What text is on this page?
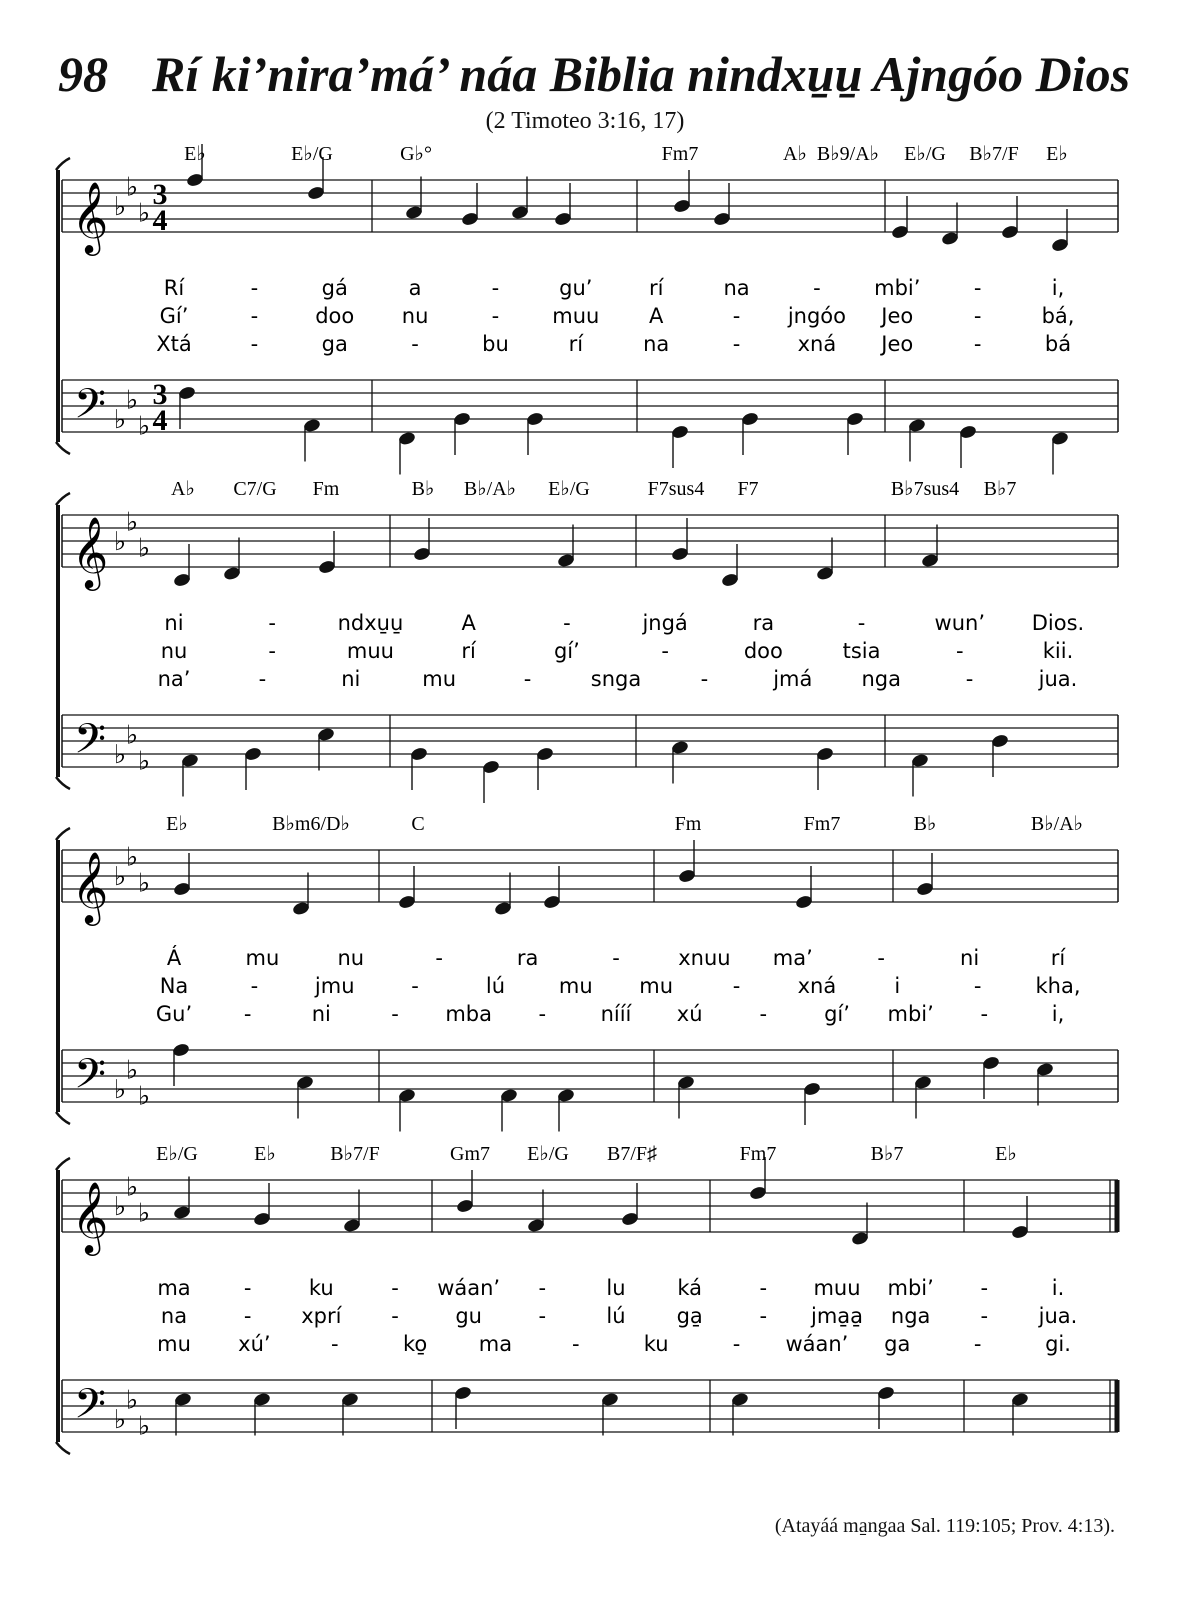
98 Rí ki’nira’má’ náa Biblia nindxu̱u̱ Ajngóo Dios
(2 Timoteo 3:16, 17)
𝄞 ♭
♭
♭
3
4
𝄢 ♭
♭
♭
3
4
E♭	E♭/G	G♭°	Fm7	A♭ B♭9/A♭ E♭/G B♭7/F E♭
Rí	-	gá	a	-	gu’	rí	na	-	mbi’	-	i,
Gí’	-	doo nu	-	muu A	- jngóo Jeo	-	bá,
Xtá	-	ga	-	bu	rí	na	-	xná Jeo	-	bá
𝄞 ♭
♭
♭
𝄢 ♭
♭
♭
A♭ C7/G Fm	B♭ B♭/A♭ E♭/G	F7sus4 F7	B♭7sus4 B♭7
ni	-	ndxu̱u̱	A	-	jngá	ra	-	wun’ Dios.
nu	-	muu	rí	gí’	-	doo	tsia	-	kii.
na’	-	ni	mu	-	snga	-	jmá nga	-	jua.
𝄞 ♭
♭
♭
𝄢 ♭
♭
♭
E♭	B♭m6/D♭	C	Fm	Fm7	B♭	B♭/A♭
Á	mu	nu	-	ra	-	xnuu ma’	-	ni	rí
Na	-	jmu	-	lú	mu mu	-	xná	i	-	kha,
Gu’ -	ni	- mba -	nííí xú	-	gí’ mbi’ -	i,
𝄞 ♭
♭
♭
𝄢 ♭
♭
♭
E♭/G	E♭	B♭7/F	Gm7 E♭/G B7/F♯	Fm7	B♭7	E♭
ma	-	ku	- wáan’ -	lu ká	- muu mbi’ -	i.
na	- xprí -	gu	-	lú ga̱	- jma̱a̱ nga - jua.
mu xú’	-	ko̱ ma	-	ku	- wáan’ ga	-	gi.
(Atayáá ma̱ngaa Sal. 119:105; Prov. 4:13).
